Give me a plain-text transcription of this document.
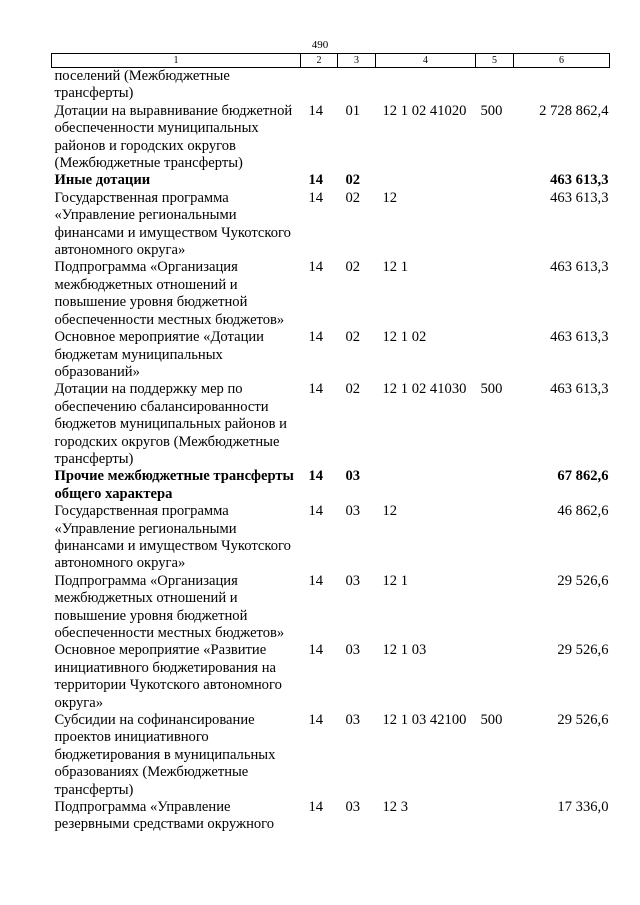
490
1	2	3	4	5	6
поселений (Межбюджетные трансферты)					
Дотации на выравнивание бюджетной обеспеченности муниципальных районов и городских округов (Межбюджетные трансферты)	14	01	12 1 02 41020	500	2 728 862,4
Иные дотации	14	02			463 613,3
Государственная программа «Управление региональными финансами и имуществом Чукотского автономного округа»	14	02	12		463 613,3
Подпрограмма «Организация межбюджетных отношений и повышение уровня бюджетной обеспеченности местных бюджетов»	14	02	12 1		463 613,3
Основное мероприятие «Дотации бюджетам муниципальных образований»	14	02	12 1 02		463 613,3
Дотации на поддержку мер по обеспечению сбалансированности бюджетов муниципальных районов и городских округов (Межбюджетные трансферты)	14	02	12 1 02 41030	500	463 613,3
Прочие межбюджетные трансферты общего характера	14	03			67 862,6
Государственная программа «Управление региональными финансами и имуществом Чукотского автономного округа»	14	03	12		46 862,6
Подпрограмма «Организация межбюджетных отношений и повышение уровня бюджетной обеспеченности местных бюджетов»	14	03	12 1		29 526,6
Основное мероприятие «Развитие инициативного бюджетирования на территории Чукотского автономного округа»	14	03	12 1 03		29 526,6
Субсидии на софинансирование проектов инициативного бюджетирования в муниципальных образованиях (Межбюджетные трансферты)	14	03	12 1 03 42100	500	29 526,6
Подпрограмма «Управление резервными средствами окружного	14	03	12 3		17 336,0
